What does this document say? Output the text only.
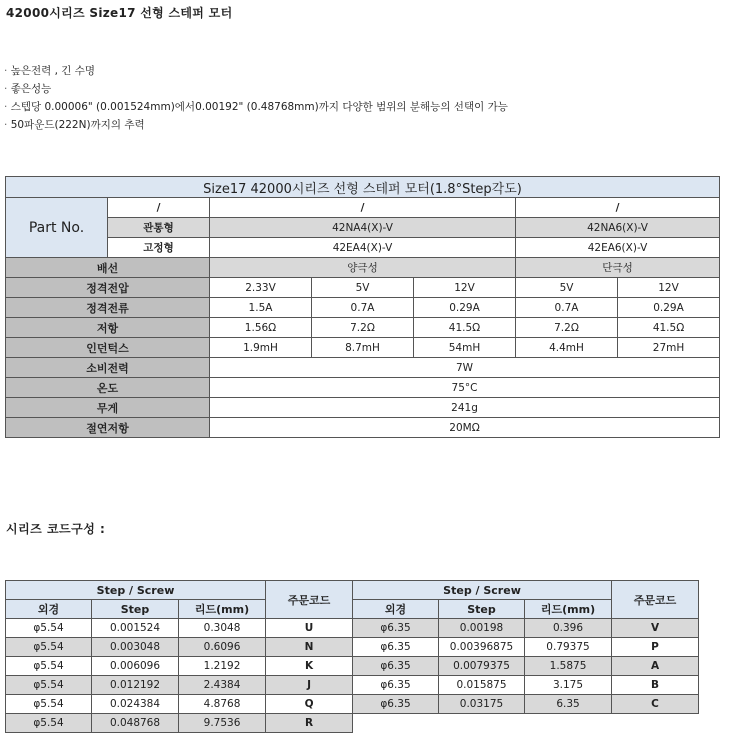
42000시리즈 Size17 선형 스테퍼 모터
· 높은전력 , 긴 수명
· 좋은성능
· 스텝당 0.00006" (0.001524mm)에서0.00192" (0.48768mm)까지 다양한 범위의 분해능의 선택이 가능
· 50파운드(222N)까지의 추력
Size17 42000시리즈 선형 스테퍼 모터(1.8°Step각도)						
Part No.	/	/			/	
	관통형	42NA4(X)-V			42NA6(X)-V	
	고정형	42EA4(X)-V			42EA6(X)-V	
배선		양극성			단극성	
정격전압		2.33V	5V	12V	5V	12V
정격전류		1.5A	0.7A	0.29A	0.7A	0.29A
저항		1.56Ω	7.2Ω	41.5Ω	7.2Ω	41.5Ω
인던턱스		1.9mH	8.7mH	54mH	4.4mH	27mH
소비전력		7W				
온도		75°C				
무게		241g				
절연저항		20MΩ				
시리즈 코드구성 :
Step / Screw			주문코드
외경	Step	리드(mm)	
φ5.54	0.001524	0.3048	U
φ5.54	0.003048	0.6096	N
φ5.54	0.006096	1.2192	K
φ5.54	0.012192	2.4384	J
φ5.54	0.024384	4.8768	Q
φ5.54	0.048768	9.7536	R
Step / Screw			주문코드
외경	Step	리드(mm)	
φ6.35	0.00198	0.396	V
φ6.35	0.00396875	0.79375	P
φ6.35	0.0079375	1.5875	A
φ6.35	0.015875	3.175	B
φ6.35	0.03175	6.35	C
